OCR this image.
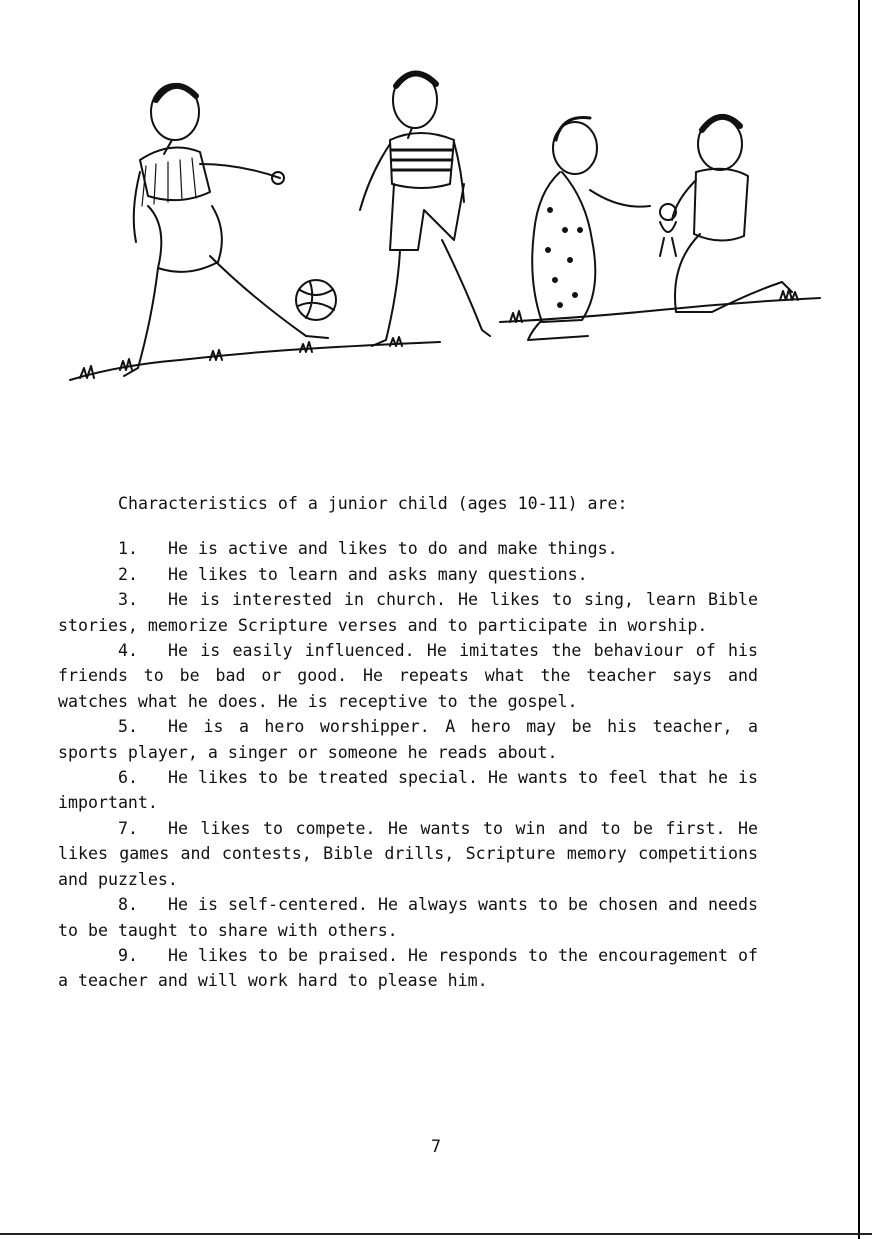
Characteristics of a junior child (ages 10-11) are:

1. He is active and likes to do and make things.

2. He likes to learn and asks many questions.

3. He is interested in church. He likes to sing, learn Bible stories, memorize Scripture verses and to participate in worship.

4. He is easily influenced. He imitates the behaviour of his friends to be bad or good. He repeats what the teacher says and watches what he does. He is receptive to the gospel.

5. He is a hero worshipper. A hero may be his teacher, a sports player, a singer or someone he reads about.

6. He likes to be treated special. He wants to feel that he is important.

7. He likes to compete. He wants to win and to be first. He likes games and contests, Bible drills, Scripture memory competitions and puzzles.

8. He is self-centered. He always wants to be chosen and needs to be taught to share with others.

9. He likes to be praised. He responds to the encouragement of a teacher and will work hard to please him.

7
